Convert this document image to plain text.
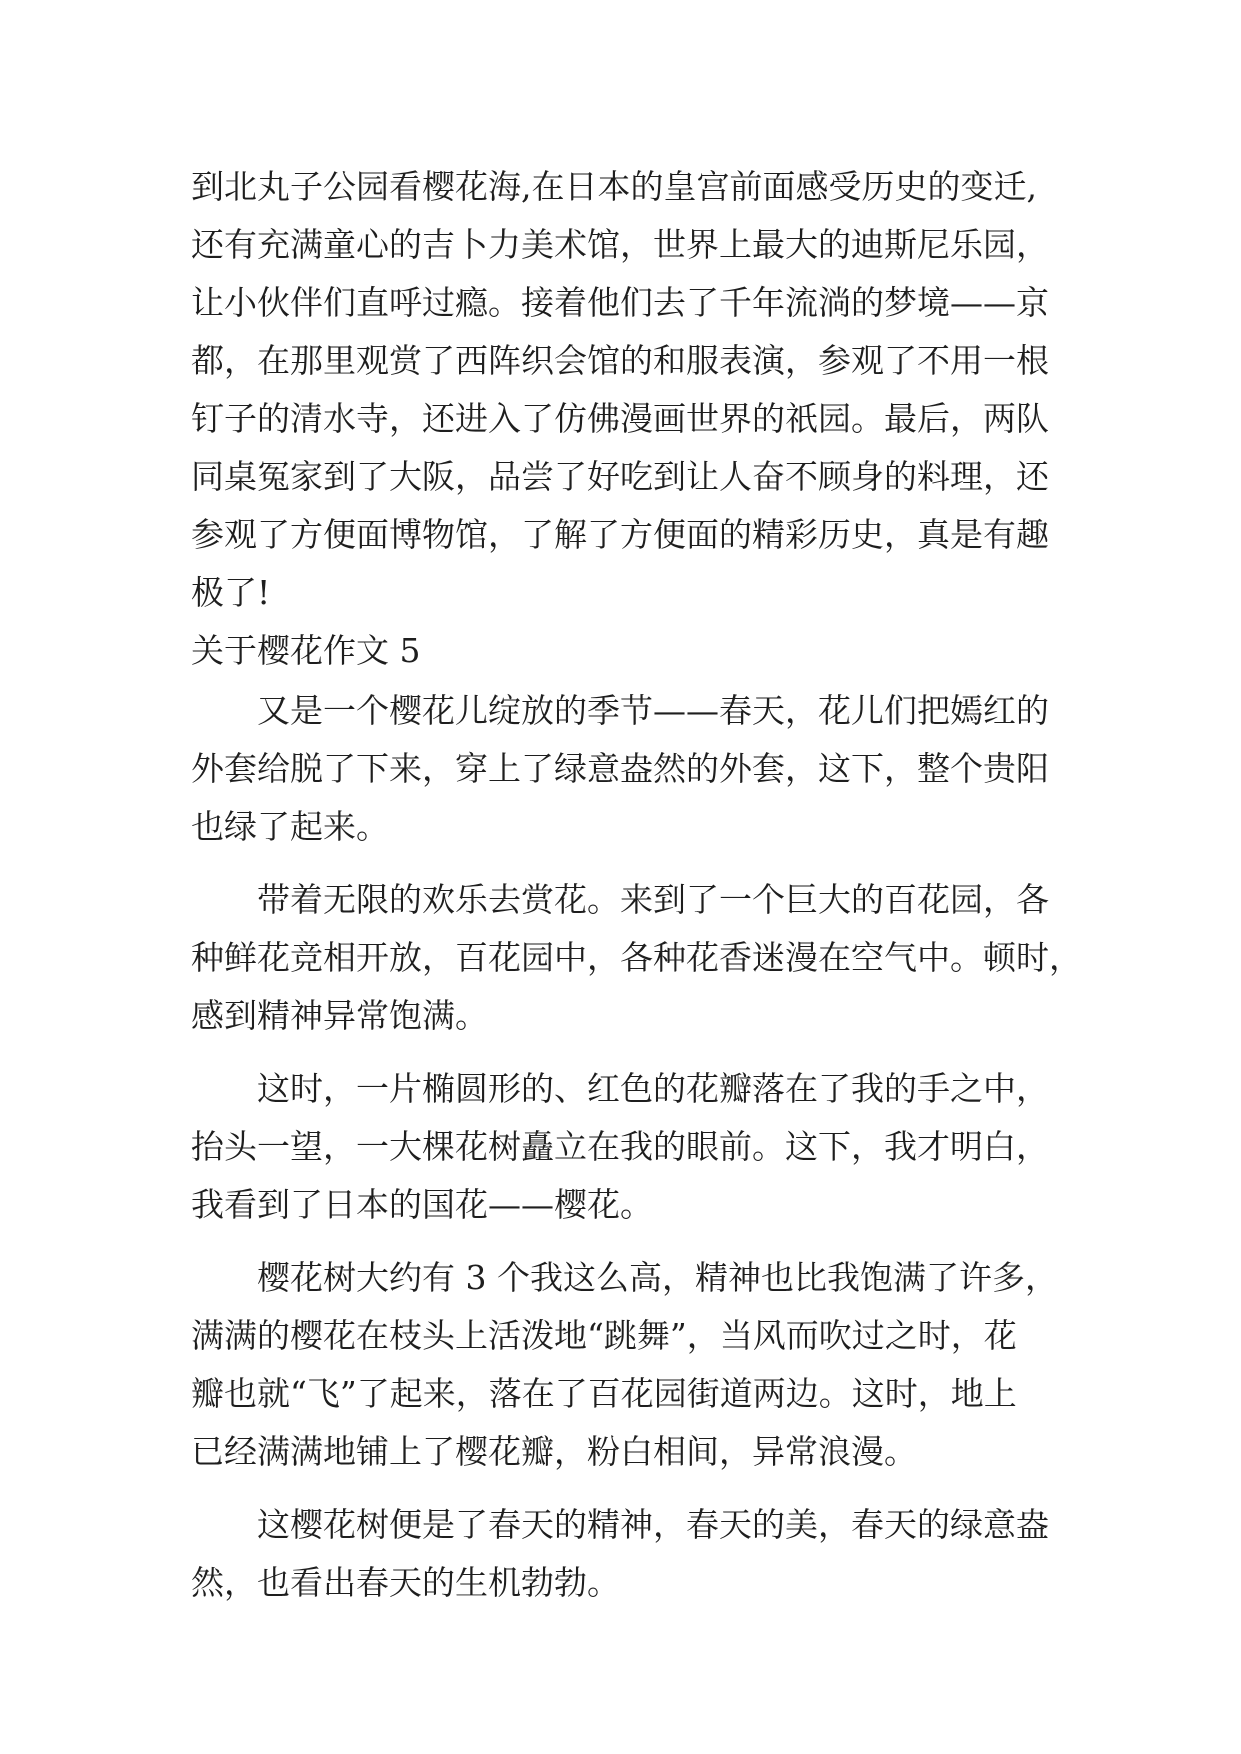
到北丸子公园看樱花海,在日本的皇宫前面感受历史的变迁,
还有充满童心的吉卜力美术馆，世界上最大的迪斯尼乐园，
让小伙伴们直呼过瘾。接着他们去了千年流淌的梦境——京
都，在那里观赏了西阵织会馆的和服表演，参观了不用一根
钉子的清水寺，还进入了仿佛漫画世界的祇园。最后，两队
同桌冤家到了大阪，品尝了好吃到让人奋不顾身的料理，还
参观了方便面博物馆，了解了方便面的精彩历史，真是有趣
极了!
关于樱花作文 5
又是一个樱花儿绽放的季节——春天，花儿们把嫣红的
外套给脱了下来，穿上了绿意盎然的外套，这下，整个贵阳
也绿了起来。
带着无限的欢乐去赏花。来到了一个巨大的百花园，各
种鲜花竞相开放，百花园中，各种花香迷漫在空气中。顿时，
感到精神异常饱满。
这时，一片椭圆形的、红色的花瓣落在了我的手之中，
抬头一望，一大棵花树矗立在我的眼前。这下，我才明白，
我看到了日本的国花——樱花。
樱花树大约有 3 个我这么高，精神也比我饱满了许多，
满满的樱花在枝头上活泼地“跳舞”，当风而吹过之时，花
瓣也就“飞”了起来，落在了百花园街道两边。这时，地上
已经满满地铺上了樱花瓣，粉白相间，异常浪漫。
这樱花树便是了春天的精神，春天的美，春天的绿意盎
然，也看出春天的生机勃勃。
